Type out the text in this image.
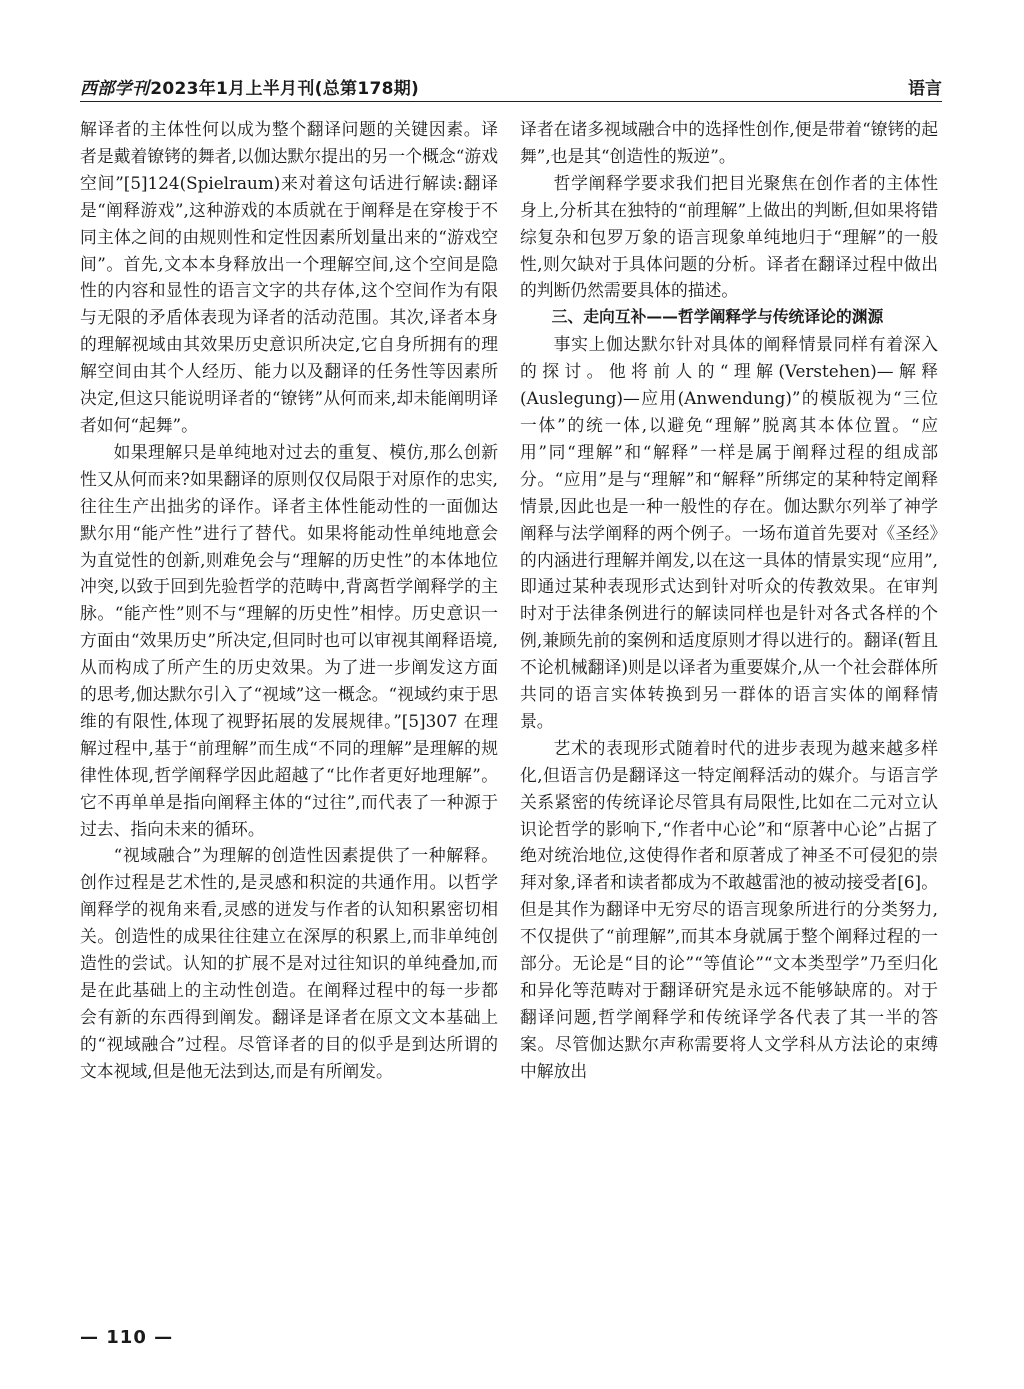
西部学刊2023年1月上半月刊(总第178期)	语言

解译者的主体性何以成为整个翻译问题的关键因素。译者是戴着镣铐的舞者,以伽达默尔提出的另一个概念“游戏空间”[5]124(Spielraum)来对着这句话进行解读:翻译是“阐释游戏”,这种游戏的本质就在于阐释是在穿梭于不同主体之间的由规则性和定性因素所划量出来的“游戏空间”。首先,文本本身释放出一个理解空间,这个空间是隐性的内容和显性的语言文字的共存体,这个空间作为有限与无限的矛盾体表现为译者的活动范围。其次,译者本身的理解视域由其效果历史意识所决定,它自身所拥有的理解空间由其个人经历、能力以及翻译的任务性等因素所决定,但这只能说明译者的“镣铐”从何而来,却未能阐明译者如何“起舞”。

如果理解只是单纯地对过去的重复、模仿,那么创新性又从何而来?如果翻译的原则仅仅局限于对原作的忠实,往往生产出拙劣的译作。译者主体性能动性的一面伽达默尔用“能产性”进行了替代。如果将能动性单纯地意会为直觉性的创新,则难免会与“理解的历史性”的本体地位冲突,以致于回到先验哲学的范畴中,背离哲学阐释学的主脉。“能产性”则不与“理解的历史性”相悖。历史意识一方面由“效果历史”所决定,但同时也可以审视其阐释语境,从而构成了所产生的历史效果。为了进一步阐发这方面的思考,伽达默尔引入了“视域”这一概念。“视域约束于思维的有限性,体现了视野拓展的发展规律。”[5]307 在理解过程中,基于“前理解”而生成“不同的理解”是理解的规律性体现,哲学阐释学因此超越了“比作者更好地理解”。它不再单单是指向阐释主体的“过往”,而代表了一种源于过去、指向未来的循环。

“视域融合”为理解的创造性因素提供了一种解释。创作过程是艺术性的,是灵感和积淀的共通作用。以哲学阐释学的视角来看,灵感的迸发与作者的认知积累密切相关。创造性的成果往往建立在深厚的积累上,而非单纯创造性的尝试。认知的扩展不是对过往知识的单纯叠加,而是在此基础上的主动性创造。在阐释过程中的每一步都会有新的东西得到阐发。翻译是译者在原文文本基础上的“视域融合”过程。尽管译者的目的似乎是到达所谓的文本视域,但是他无法到达,而是有所阐发。

译者在诸多视域融合中的选择性创作,便是带着“镣铐的起舞”,也是其“创造性的叛逆”。

哲学阐释学要求我们把目光聚焦在创作者的主体性身上,分析其在独特的“前理解”上做出的判断,但如果将错综复杂和包罗万象的语言现象单纯地归于“理解”的一般性,则欠缺对于具体问题的分析。译者在翻译过程中做出的判断仍然需要具体的描述。

三、走向互补——哲学阐释学与传统译论的渊源

事实上伽达默尔针对具体的阐释情景同样有着深入的探讨。他将前人的“理解(Verstehen)—解释(Auslegung)—应用(Anwendung)”的模版视为“三位一体”的统一体,以避免“理解”脱离其本体位置。“应用”同“理解”和“解释”一样是属于阐释过程的组成部分。“应用”是与“理解”和“解释”所绑定的某种特定阐释情景,因此也是一种一般性的存在。伽达默尔列举了神学阐释与法学阐释的两个例子。一场布道首先要对《圣经》的内涵进行理解并阐发,以在这一具体的情景实现“应用”,即通过某种表现形式达到针对听众的传教效果。在审判时对于法律条例进行的解读同样也是针对各式各样的个例,兼顾先前的案例和适度原则才得以进行的。翻译(暂且不论机械翻译)则是以译者为重要媒介,从一个社会群体所共同的语言实体转换到另一群体的语言实体的阐释情景。

艺术的表现形式随着时代的进步表现为越来越多样化,但语言仍是翻译这一特定阐释活动的媒介。与语言学关系紧密的传统译论尽管具有局限性,比如在二元对立认识论哲学的影响下,“作者中心论”和“原著中心论”占据了绝对统治地位,这使得作者和原著成了神圣不可侵犯的崇拜对象,译者和读者都成为不敢越雷池的被动接受者[6]。但是其作为翻译中无穷尽的语言现象所进行的分类努力,不仅提供了“前理解”,而其本身就属于整个阐释过程的一部分。无论是“目的论”“等值论”“文本类型学”乃至归化和异化等范畴对于翻译研究是永远不能够缺席的。对于翻译问题,哲学阐释学和传统译学各代表了其一半的答案。尽管伽达默尔声称需要将人文学科从方法论的束缚中解放出

— 110 —
